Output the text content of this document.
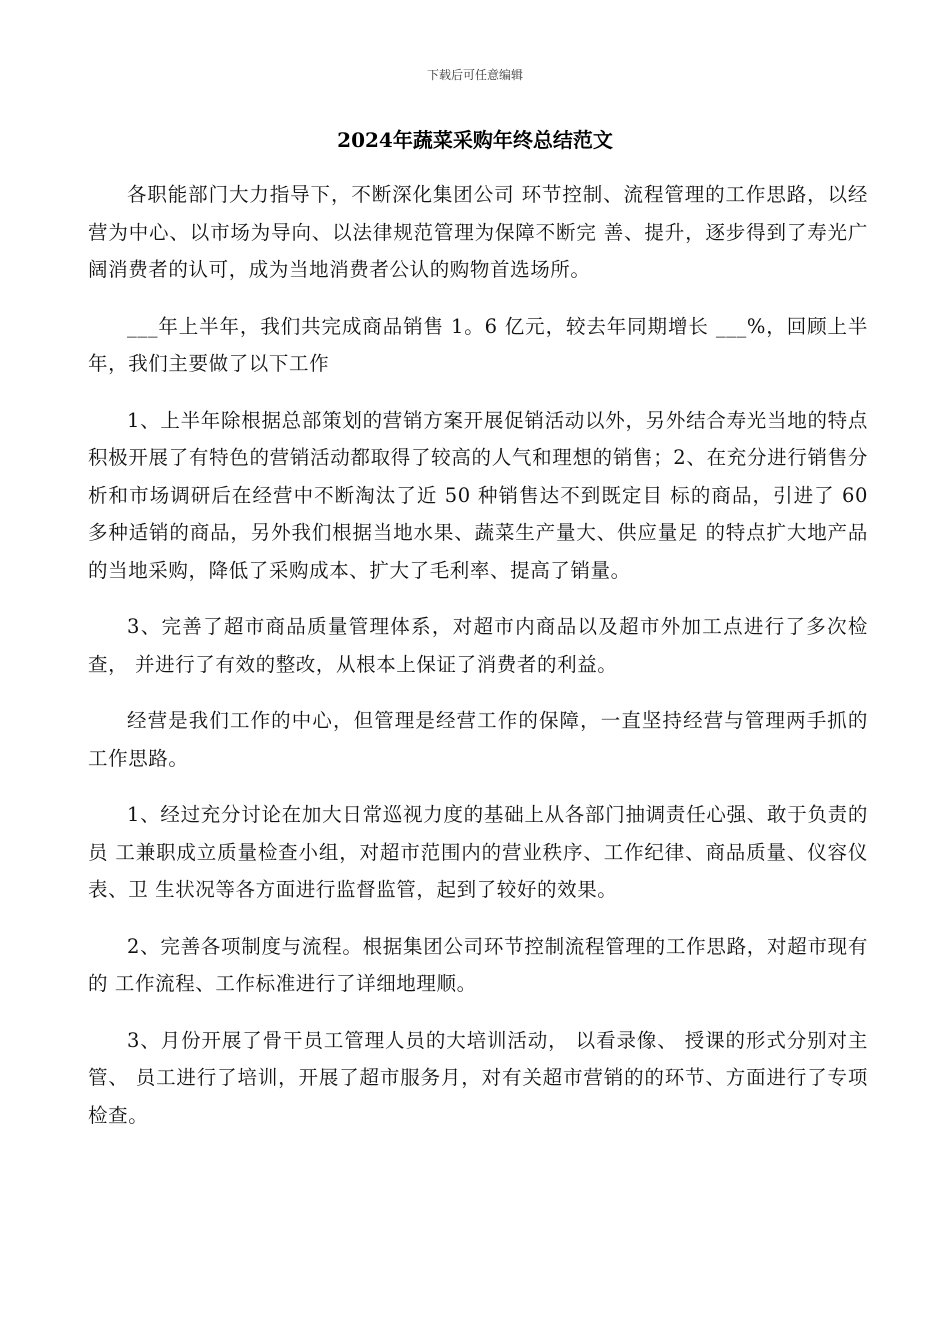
下载后可任意编辑
2024年蔬菜采购年终总结范文

各职能部门大力指导下，不断深化集团公司 环节控制、流程管理的工作思路，以经营为中心、以市场为导向、以法律规范管理为保障不断完 善、提升，逐步得到了寿光广阔消费者的认可，成为当地消费者公认的购物首选场所。

___年上半年，我们共完成商品销售 1。6 亿元，较去年同期增长 ___%，回顾上半年，我们主要做了以下工作

1、上半年除根据总部策划的营销方案开展促销活动以外，另外结合寿光当地的特点积极开展了有特色的营销活动都取得了较高的人气和理想的销售；2、在充分进行销售分析和市场调研后在经营中不断淘汰了近 50 种销售达不到既定目 标的商品，引进了 60 多种适销的商品，另外我们根据当地水果、蔬菜生产量大、供应量足 的特点扩大地产品的当地采购，降低了采购成本、扩大了毛利率、提高了销量。

3、完善了超市商品质量管理体系，对超市内商品以及超市外加工点进行了多次检查， 并进行了有效的整改，从根本上保证了消费者的利益。

经营是我们工作的中心，但管理是经营工作的保障，一直坚持经营与管理两手抓的 工作思路。

1、经过充分讨论在加大日常巡视力度的基础上从各部门抽调责任心强、敢于负责的员 工兼职成立质量检查小组，对超市范围内的营业秩序、工作纪律、商品质量、仪容仪表、卫 生状况等各方面进行监督监管，起到了较好的效果。

2、完善各项制度与流程。根据集团公司环节控制流程管理的工作思路，对超市现有的 工作流程、工作标准进行了详细地理顺。

3、月份开展了骨干员工管理人员的大培训活动， 以看录像、 授课的形式分别对主管、 员工进行了培训，开展了超市服务月，对有关超市营销的的环节、方面进行了专项检查。
